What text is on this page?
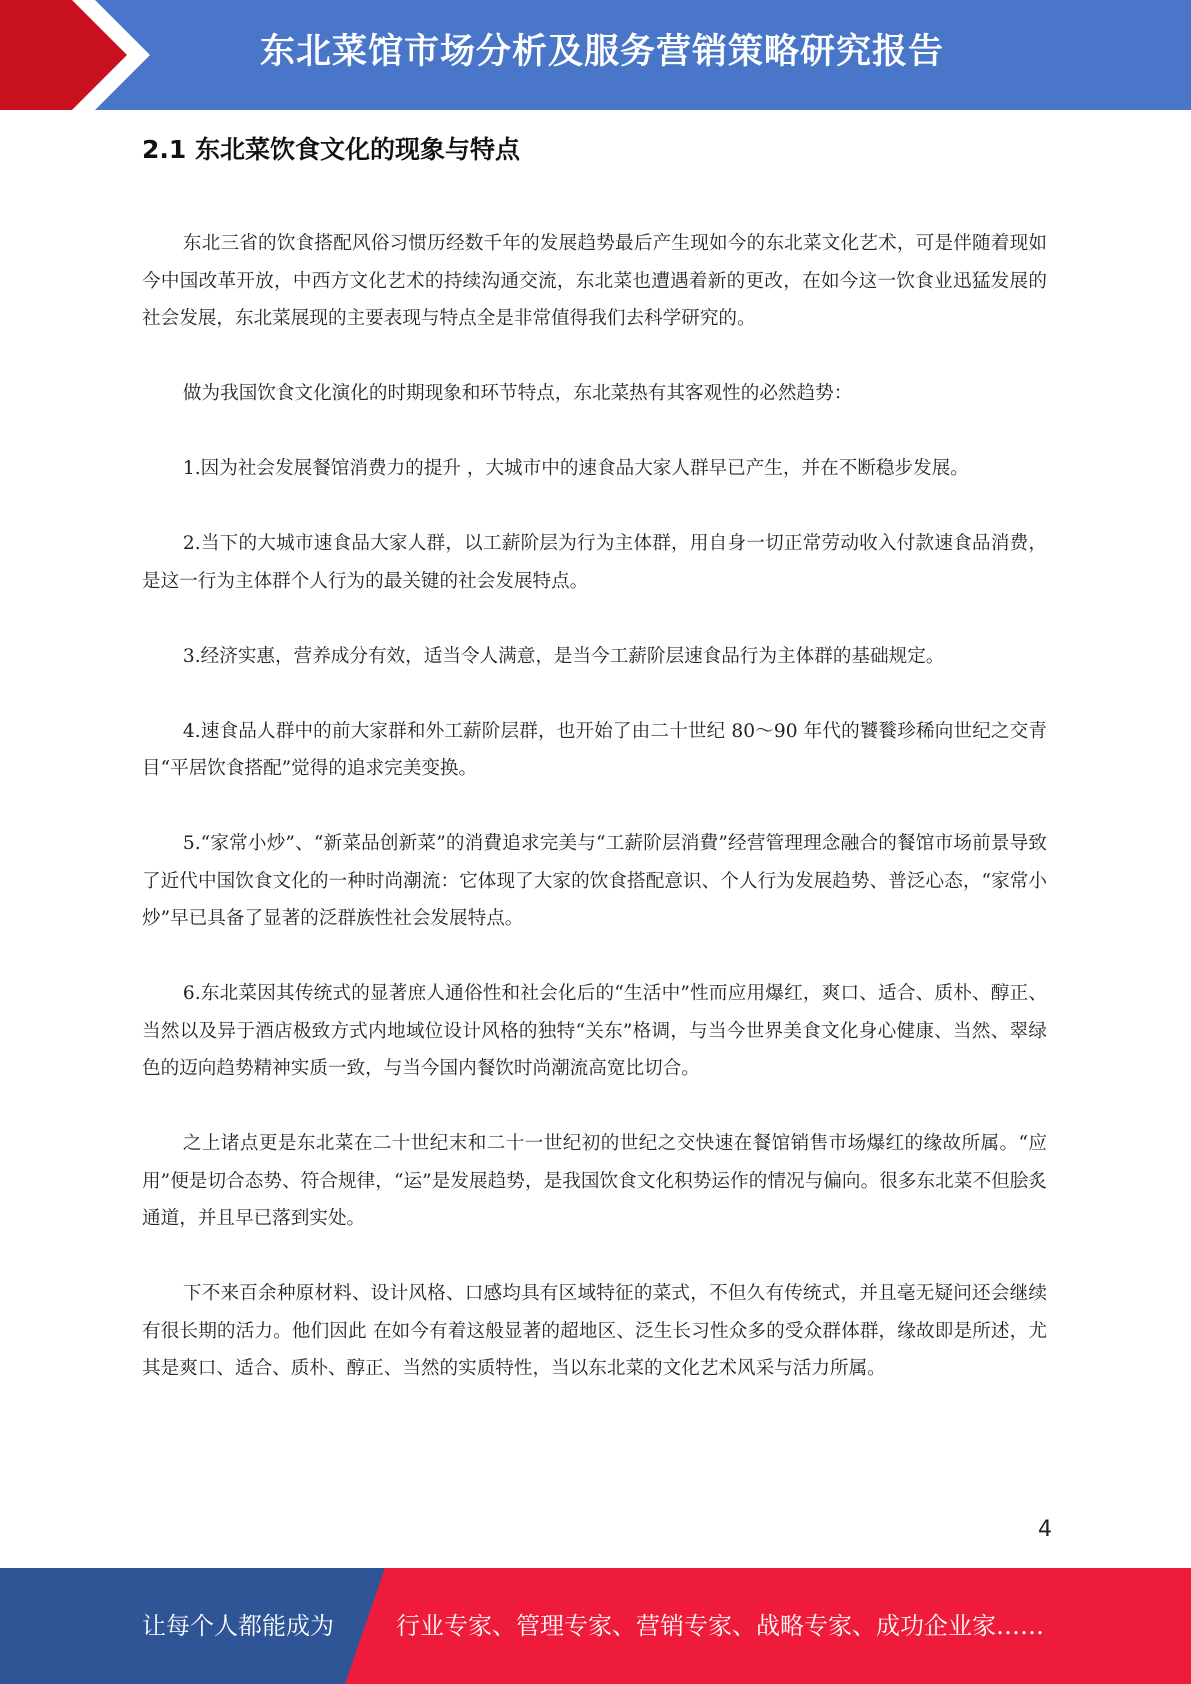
东北菜馆市场分析及服务营销策略研究报告
2.1 东北菜饮食文化的现象与特点

东北三省的饮食搭配风俗习惯历经数千年的发展趋势最后产生现如今的东北菜文化艺术，可是伴随着现如今中国改革开放，中西方文化艺术的持续沟通交流，东北菜也遭遇着新的更改，在如今这一饮食业迅猛发展的社会发展，东北菜展现的主要表现与特点全是非常值得我们去科学研究的。

做为我国饮食文化演化的时期现象和环节特点，东北菜热有其客观性的必然趋势：

1.因为社会发展餐馆消费力的提升 ，大城市中的速食品大家人群早已产生，并在不断稳步发展。

2.当下的大城市速食品大家人群，以工薪阶层为行为主体群，用自身一切正常劳动收入付款速食品消费，是这一行为主体群个人行为的最关键的社会发展特点。

3.经济实惠，营养成分有效，适当令人满意，是当今工薪阶层速食品行为主体群的基础规定。

4.速食品人群中的前大家群和外工薪阶层群，也开始了由二十世纪 80～90 年代的饕餮珍稀向世纪之交青目“平居饮食搭配”觉得的追求完美变换。

5.“家常小炒”、“新菜品创新菜”的消費追求完美与“工薪阶层消費”经营管理理念融合的餐馆市场前景导致了近代中国饮食文化的一种时尚潮流：它体现了大家的饮食搭配意识、个人行为发展趋势、普泛心态，“家常小炒”早已具备了显著的泛群族性社会发展特点。

6.东北菜因其传统式的显著庶人通俗性和社会化后的“生活中”性而应用爆红，爽口、适合、质朴、醇正、当然以及异于酒店极致方式内地域位设计风格的独特“关东”格调，与当今世界美食文化身心健康、当然、翠绿色的迈向趋势精神实质一致，与当今国内餐饮时尚潮流高宽比切合。

之上诸点更是东北菜在二十世纪末和二十一世纪初的世纪之交快速在餐馆销售市场爆红的缘故所属。“应用”便是切合态势、符合规律，“运”是发展趋势，是我国饮食文化积势运作的情况与偏向。很多东北菜不但脍炙通道，并且早已落到实处。

下不来百余种原材料、设计风格、口感均具有区域特征的菜式，不但久有传统式，并且毫无疑问还会继续有很长期的活力。他们因此 在如今有着这般显著的超地区、泛生长习性众多的受众群体群，缘故即是所述，尤其是爽口、适合、质朴、醇正、当然的实质特性，当以东北菜的文化艺术风采与活力所属。

4
让每个人都能成为	行业专家、管理专家、营销专家、战略专家、成功企业家……
